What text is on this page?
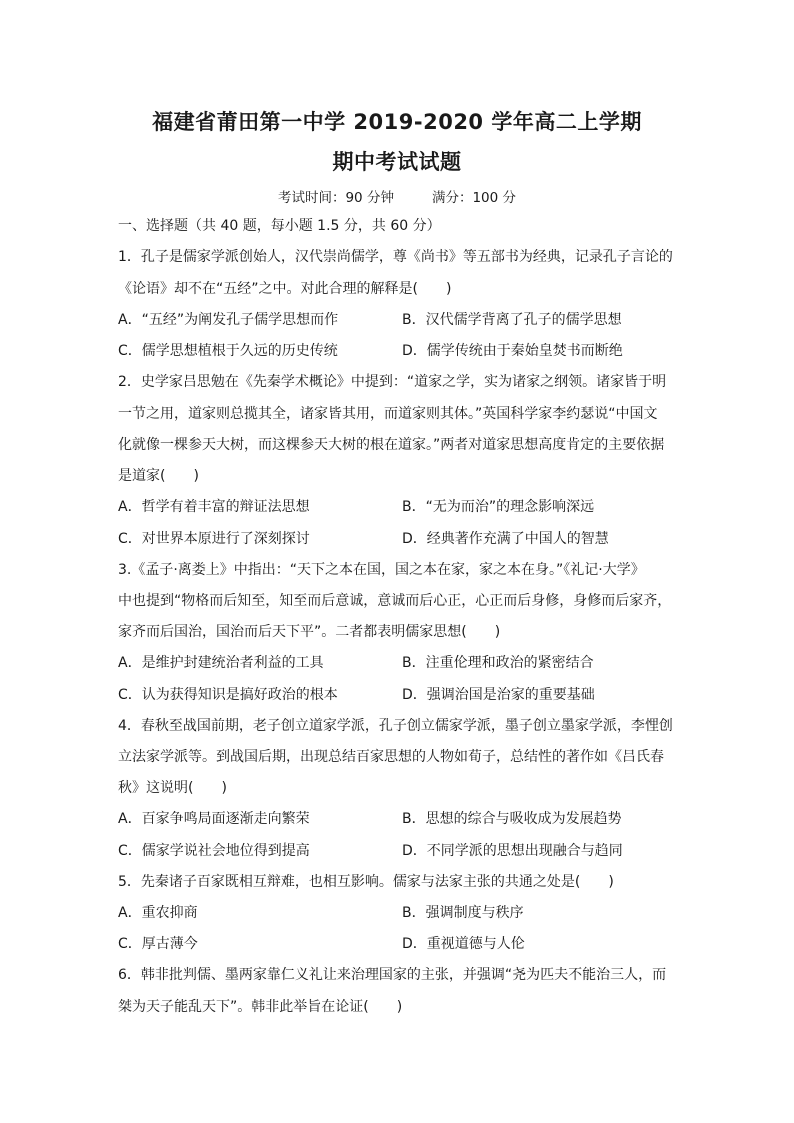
福建省莆田第一中学 2019-2020 学年高二上学期
期中考试试题
考试时间：90 分钟	满分：100 分
一、选择题（共 40 题，每小题 1.5 分，共 60 分）
1．孔子是儒家学派创始人，汉代崇尚儒学，尊《尚书》等五部书为经典，记录孔子言论的
《论语》却不在“五经”之中。对此合理的解释是(　　)
A．“五经”为阐发孔子儒学思想而作	B．汉代儒学背离了孔子的儒学思想
C．儒学思想植根于久远的历史传统	D．儒学传统由于秦始皇焚书而断绝
2．史学家吕思勉在《先秦学术概论》中提到：“道家之学，实为诸家之纲领。诸家皆于明
一节之用，道家则总揽其全，诸家皆其用，而道家则其体。”英国科学家李约瑟说“中国文
化就像一棵参天大树，而这棵参天大树的根在道家。”两者对道家思想高度肯定的主要依据
是道家(　　)
A．哲学有着丰富的辩证法思想	B．“无为而治”的理念影响深远
C．对世界本原进行了深刻探讨	D．经典著作充满了中国人的智慧
3.《孟子·离娄上》中指出：“天下之本在国，国之本在家，家之本在身。”《礼记·大学》
中也提到“物格而后知至，知至而后意诚，意诚而后心正，心正而后身修，身修而后家齐，
家齐而后国治，国治而后天下平”。二者都表明儒家思想(　　)
A．是维护封建统治者利益的工具	B．注重伦理和政治的紧密结合
C．认为获得知识是搞好政治的根本	D．强调治国是治家的重要基础
4．春秋至战国前期，老子创立道家学派，孔子创立儒家学派，墨子创立墨家学派，李悝创
立法家学派等。到战国后期，出现总结百家思想的人物如荀子，总结性的著作如《吕氏春
秋》这说明(　　)
A．百家争鸣局面逐渐走向繁荣	B．思想的综合与吸收成为发展趋势
C．儒家学说社会地位得到提高	D．不同学派的思想出现融合与趋同
5．先秦诸子百家既相互辩难，也相互影响。儒家与法家主张的共通之处是(　　)
A．重农抑商	B．强调制度与秩序
C．厚古薄今	D．重视道德与人伦
6．韩非批判儒、墨两家靠仁义礼让来治理国家的主张，并强调“尧为匹夫不能治三人，而
桀为天子能乱天下”。韩非此举旨在论证(　　)
